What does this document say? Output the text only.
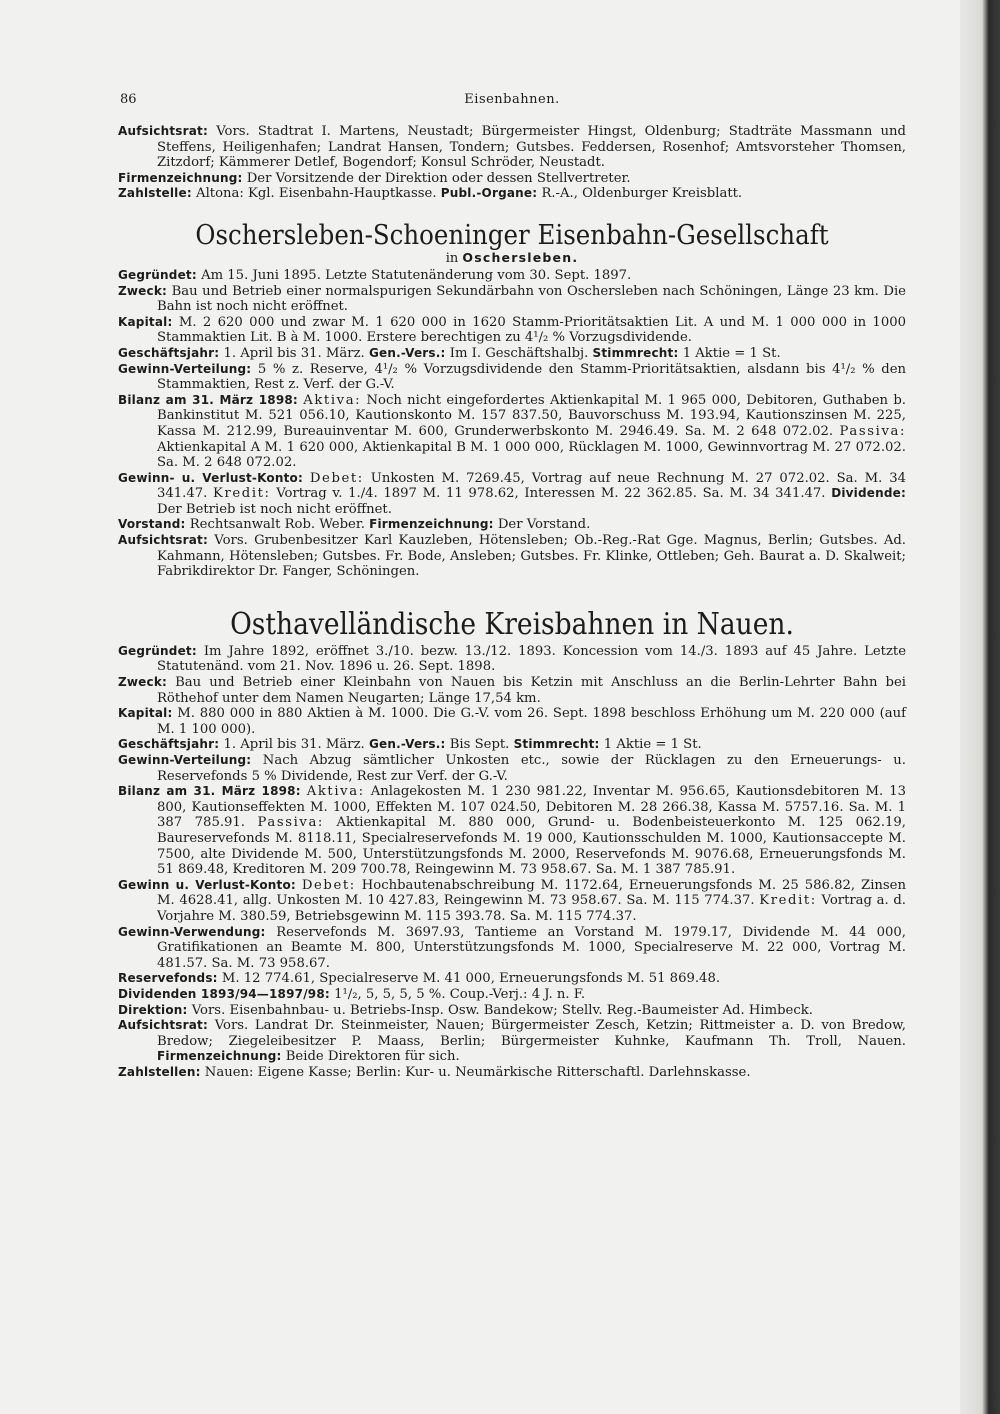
86	Eisenbahnen.

Aufsichtsrat: Vors. Stadtrat I. Martens, Neustadt; Bürgermeister Hingst, Oldenburg; Stadträte Massmann und Steffens, Heiligenhafen; Landrat Hansen, Tondern; Gutsbes. Feddersen, Rosenhof; Amtsvorsteher Thomsen, Zitzdorf; Kämmerer Detlef, Bogendorf; Konsul Schröder, Neustadt.

Firmenzeichnung: Der Vorsitzende der Direktion oder dessen Stellvertreter.

Zahlstelle: Altona: Kgl. Eisenbahn-Hauptkasse. Publ.-Organe: R.-A., Oldenburger Kreisblatt.

Oschersleben-Schoeninger Eisenbahn-Gesellschaft
in Oschersleben.

Gegründet: Am 15. Juni 1895. Letzte Statutenänderung vom 30. Sept. 1897.

Zweck: Bau und Betrieb einer normalspurigen Sekundärbahn von Oschersleben nach Schöningen, Länge 23 km. Die Bahn ist noch nicht eröffnet.

Kapital: M. 2 620 000 und zwar M. 1 620 000 in 1620 Stamm-Prioritätsaktien Lit. A und M. 1 000 000 in 1000 Stammaktien Lit. B à M. 1000. Erstere berechtigen zu 4¹/₂ % Vorzugsdividende.

Geschäftsjahr: 1. April bis 31. März. Gen.-Vers.: Im I. Geschäftshalbj. Stimmrecht: 1 Aktie = 1 St.

Gewinn-Verteilung: 5 % z. Reserve, 4¹/₂ % Vorzugsdividende den Stamm-Prioritätsaktien, alsdann bis 4¹/₂ % den Stammaktien, Rest z. Verf. der G.-V.

Bilanz am 31. März 1898: Aktiva: Noch nicht eingefordertes Aktienkapital M. 1 965 000, Debitoren, Guthaben b. Bankinstitut M. 521 056.10, Kautionskonto M. 157 837.50, Bauvorschuss M. 193.94, Kautionszinsen M. 225, Kassa M. 212.99, Bureauinventar M. 600, Grunderwerbskonto M. 2946.49. Sa. M. 2 648 072.02. Passiva: Aktienkapital A M. 1 620 000, Aktienkapital B M. 1 000 000, Rücklagen M. 1000, Gewinnvortrag M. 27 072.02. Sa. M. 2 648 072.02.

Gewinn- u. Verlust-Konto: Debet: Unkosten M. 7269.45, Vortrag auf neue Rechnung M. 27 072.02. Sa. M. 34 341.47. Kredit: Vortrag v. 1./4. 1897 M. 11 978.62, Interessen M. 22 362.85. Sa. M. 34 341.47. Dividende: Der Betrieb ist noch nicht eröffnet.

Vorstand: Rechtsanwalt Rob. Weber. Firmenzeichnung: Der Vorstand.

Aufsichtsrat: Vors. Grubenbesitzer Karl Kauzleben, Hötensleben; Ob.-Reg.-Rat Gge. Magnus, Berlin; Gutsbes. Ad. Kahmann, Hötensleben; Gutsbes. Fr. Bode, Ansleben; Gutsbes. Fr. Klinke, Ottleben; Geh. Baurat a. D. Skalweit; Fabrikdirektor Dr. Fanger, Schöningen.

Osthavelländische Kreisbahnen in Nauen.

Gegründet: Im Jahre 1892, eröffnet 3./10. bezw. 13./12. 1893. Koncession vom 14./3. 1893 auf 45 Jahre. Letzte Statutenänd. vom 21. Nov. 1896 u. 26. Sept. 1898.

Zweck: Bau und Betrieb einer Kleinbahn von Nauen bis Ketzin mit Anschluss an die Berlin-Lehrter Bahn bei Röthehof unter dem Namen Neugarten; Länge 17,54 km.

Kapital: M. 880 000 in 880 Aktien à M. 1000. Die G.-V. vom 26. Sept. 1898 beschloss Erhöhung um M. 220 000 (auf M. 1 100 000).

Geschäftsjahr: 1. April bis 31. März. Gen.-Vers.: Bis Sept. Stimmrecht: 1 Aktie = 1 St.

Gewinn-Verteilung: Nach Abzug sämtlicher Unkosten etc., sowie der Rücklagen zu den Erneuerungs- u. Reservefonds 5 % Dividende, Rest zur Verf. der G.-V.

Bilanz am 31. März 1898: Aktiva: Anlagekosten M. 1 230 981.22, Inventar M. 956.65, Kautionsdebitoren M. 13 800, Kautionseffekten M. 1000, Effekten M. 107 024.50, Debitoren M. 28 266.38, Kassa M. 5757.16. Sa. M. 1 387 785.91. Passiva: Aktienkapital M. 880 000, Grund- u. Bodenbeisteuerkonto M. 125 062.19, Baureservefonds M. 8118.11, Specialreservefonds M. 19 000, Kautionsschulden M. 1000, Kautionsaccepte M. 7500, alte Dividende M. 500, Unterstützungsfonds M. 2000, Reservefonds M. 9076.68, Erneuerungsfonds M. 51 869.48, Kreditoren M. 209 700.78, Reingewinn M. 73 958.67. Sa. M. 1 387 785.91.

Gewinn u. Verlust-Konto: Debet: Hochbautenabschreibung M. 1172.64, Erneuerungsfonds M. 25 586.82, Zinsen M. 4628.41, allg. Unkosten M. 10 427.83, Reingewinn M. 73 958.67. Sa. M. 115 774.37. Kredit: Vortrag a. d. Vorjahre M. 380.59, Betriebsgewinn M. 115 393.78. Sa. M. 115 774.37.

Gewinn-Verwendung: Reservefonds M. 3697.93, Tantieme an Vorstand M. 1979.17, Dividende M. 44 000, Gratifikationen an Beamte M. 800, Unterstützungsfonds M. 1000, Specialreserve M. 22 000, Vortrag M. 481.57. Sa. M. 73 958.67.

Reservefonds: M. 12 774.61, Specialreserve M. 41 000, Erneuerungsfonds M. 51 869.48.

Dividenden 1893/94—1897/98: 1¹/₂, 5, 5, 5, 5 %. Coup.-Verj.: 4 J. n. F.

Direktion: Vors. Eisenbahnbau- u. Betriebs-Insp. Osw. Bandekow; Stellv. Reg.-Baumeister Ad. Himbeck.

Aufsichtsrat: Vors. Landrat Dr. Steinmeister, Nauen; Bürgermeister Zesch, Ketzin; Rittmeister a. D. von Bredow, Bredow; Ziegeleibesitzer P. Maass, Berlin; Bürgermeister Kuhnke, Kaufmann Th. Troll, Nauen. Firmenzeichnung: Beide Direktoren für sich.

Zahlstellen: Nauen: Eigene Kasse; Berlin: Kur- u. Neumärkische Ritterschaftl. Darlehnskasse.
